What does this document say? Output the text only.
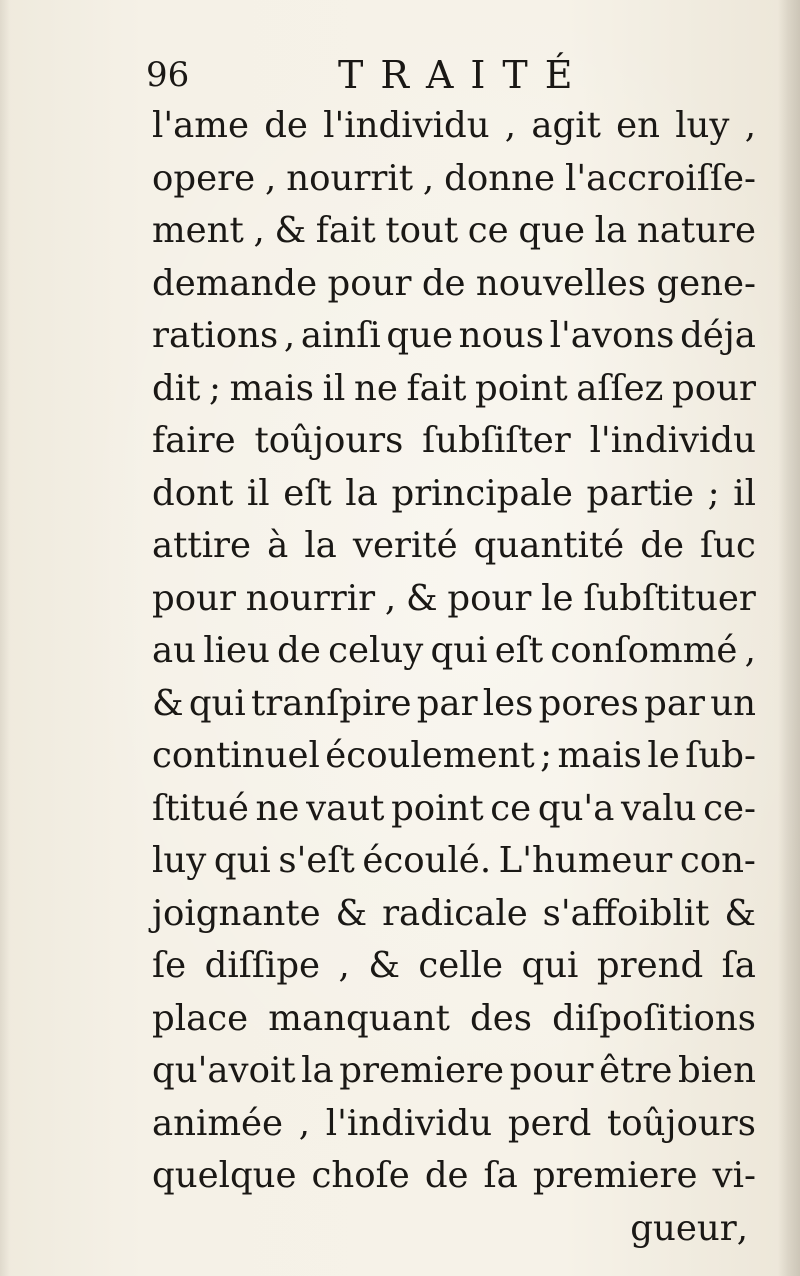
96	TRAITÉ
l'ame de l'individu , agit en luy ,
opere , nourrit , donne l'accroiſſe-
ment , & fait tout ce que la nature
demande pour de nouvelles gene-
rations , ainſi que nous l'avons déja
dit ; mais il ne fait point aſſez pour
faire toûjours ſubſiſter l'individu
dont il eſt la principale partie ; il
attire à la verité quantité de ſuc
pour nourrir , & pour le ſubſtituer
au lieu de celuy qui eſt conſommé ,
& qui tranſpire par les pores par un
continuel écoulement ; mais le ſub-
ſtitué ne vaut point ce qu'a valu ce-
luy qui s'eſt écoulé. L'humeur con-
joignante & radicale s'affoiblit &
ſe diſſipe , & celle qui prend ſa
place manquant des diſpoſitions
qu'avoit la premiere pour être bien
animée , l'individu perd toûjours
quelque choſe de ſa premiere vi-
gueur ,
